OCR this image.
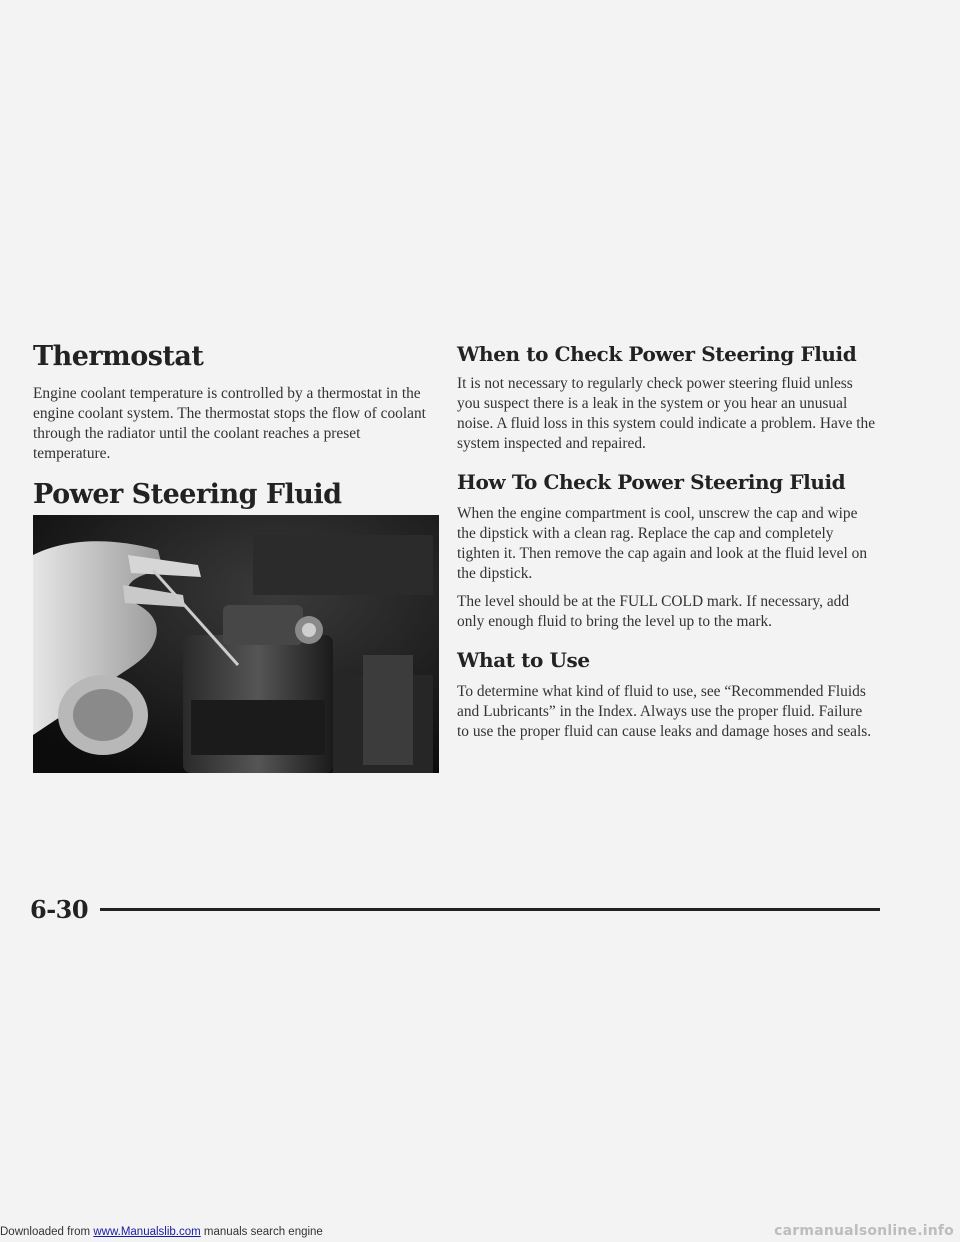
Thermostat

Engine coolant temperature is controlled by a thermostat in the engine coolant system. The thermostat stops the flow of coolant through the radiator until the coolant reaches a preset temperature.

Power Steering Fluid
When to Check Power Steering Fluid

It is not necessary to regularly check power steering fluid unless you suspect there is a leak in the system or you hear an unusual noise. A fluid loss in this system could indicate a problem. Have the system inspected and repaired.

How To Check Power Steering Fluid

When the engine compartment is cool, unscrew the cap and wipe the dipstick with a clean rag. Replace the cap and completely tighten it. Then remove the cap again and look at the fluid level on the dipstick.

The level should be at the FULL COLD mark. If necessary, add only enough fluid to bring the level up to the mark.

What to Use

To determine what kind of fluid to use, see “Recommended Fluids and Lubricants” in the Index. Always use the proper fluid. Failure to use the proper fluid can cause leaks and damage hoses and seals.

6-30
Downloaded from www.Manualslib.com manuals search engine	carmanualsonline.info
